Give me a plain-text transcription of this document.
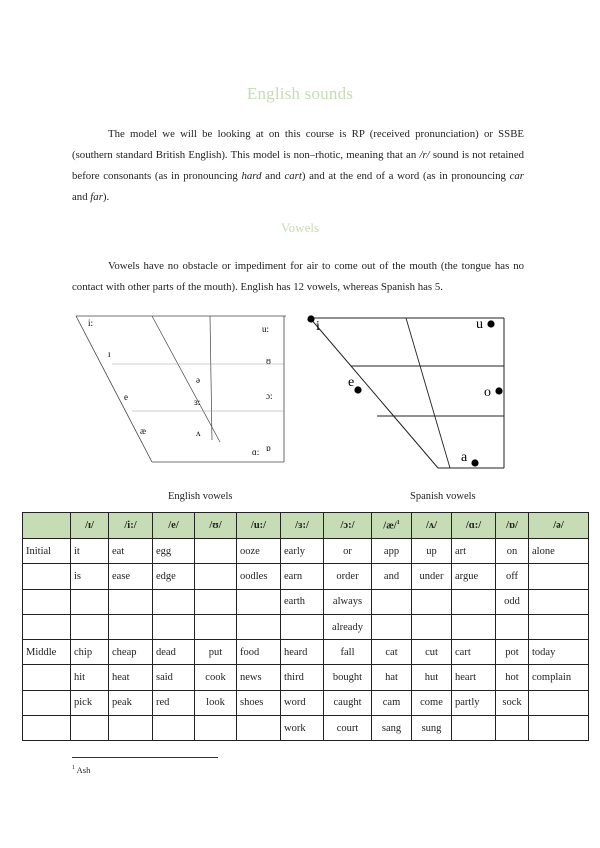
English sounds
The model we will be looking at on this course is RP (received pronunciation) or SSBE (southern standard British English). This model is non–rhotic, meaning that an /r/ sound is not retained before consonants (as in pronouncing hard and cart) and at the end of a word (as in pronouncing car and far).
Vowels
Vowels have no obstacle or impediment for air to come out of the mouth (the tongue has no contact with other parts of the mouth). English has 12 vowels, whereas Spanish has 5.
i:
ɪ
e
æ	ʌ
ə
ɜ:
u:
ʊ
ɔ:
ɒ
ɑ:
i	u
e
o
a
English vowels	Spanish vowels
	/ɪ/	/i:/	/e/	/ʊ/	/u:/	/ɜ:/	/ɔ:/	/æ/$^1$	/ʌ/	/ɑ:/	/ɒ/	/ə/
Initial	it	eat	egg		ooze	early	or	app	up	art	on	alone
	is	ease	edge		oodles	earn	order	and	under	argue	off	
						earth	always				odd	
							already					
Middle	chip	cheap	dead	put	food	heard	fall	cat	cut	cart	pot	today
	hit	heat	said	cook	news	third	bought	hat	hut	heart	hot	complain
	pick	peak	red	look	shoes	word	caught	cam	come	partly	sock	
						work	court	sang	sung			
$^1$ Ash
